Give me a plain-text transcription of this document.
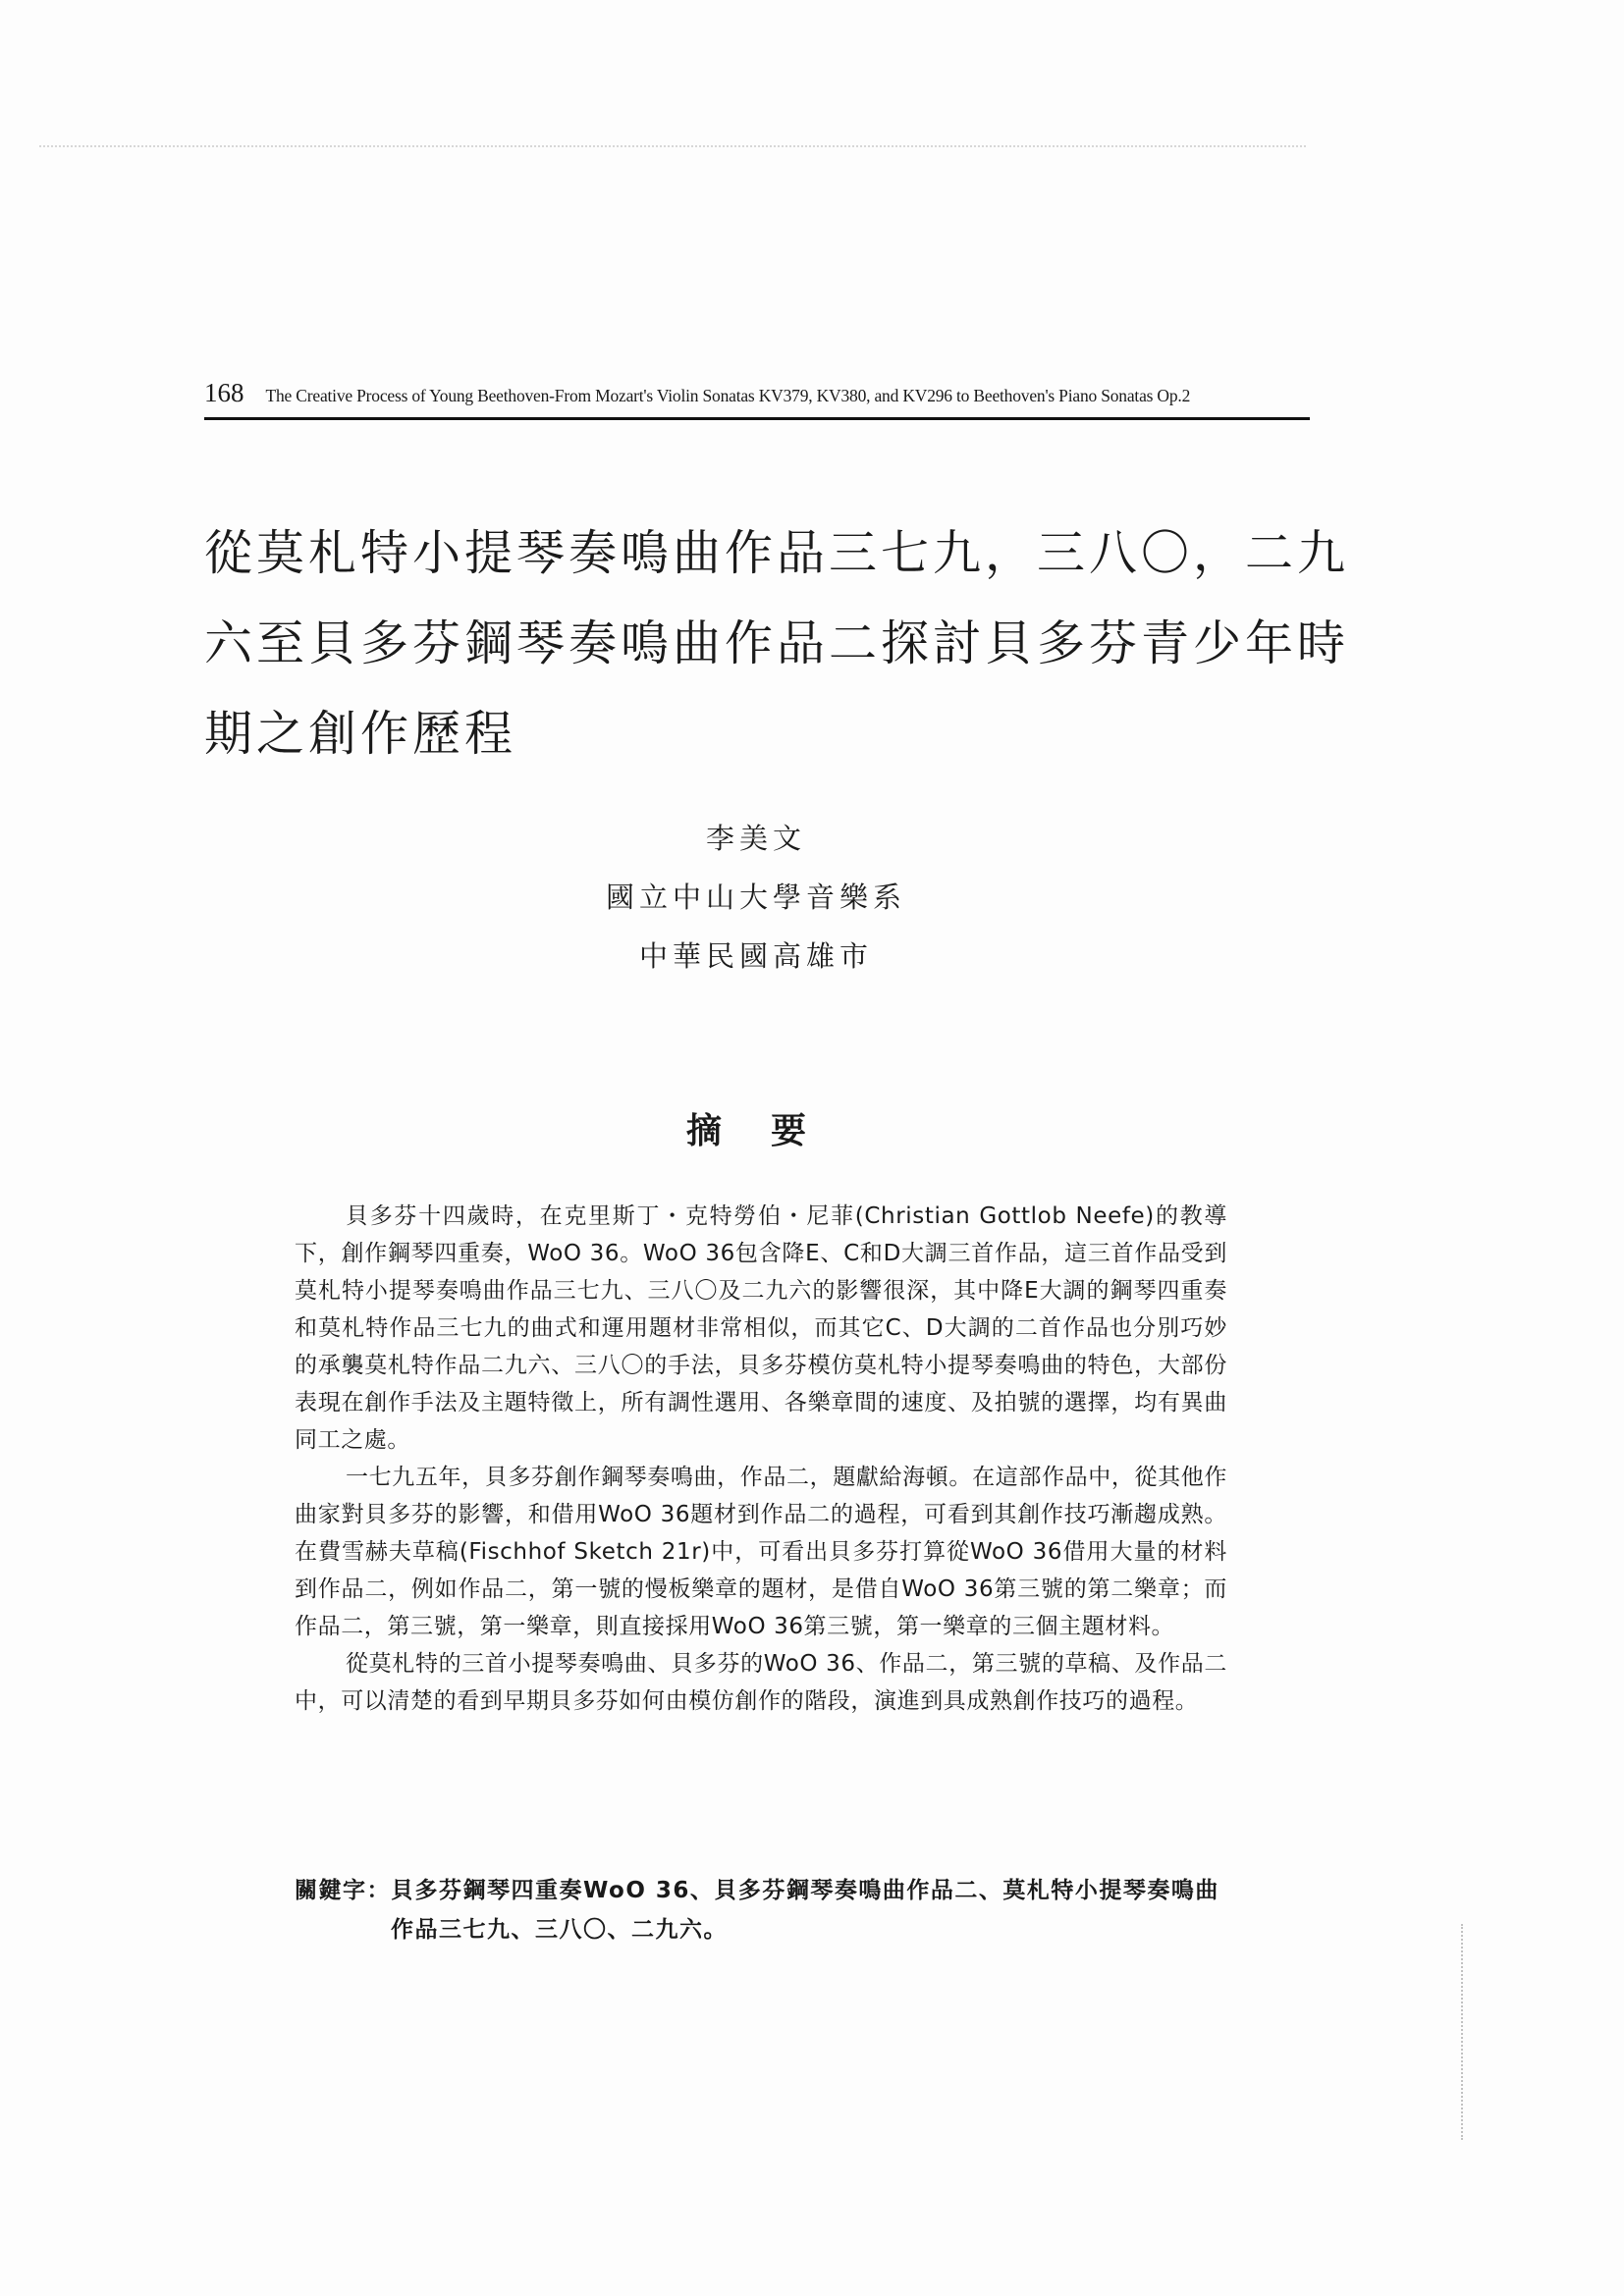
168 The Creative Process of Young Beethoven-From Mozart's Violin Sonatas KV379, KV380, and KV296 to Beethoven's Piano Sonatas Op.2
從莫札特小提琴奏鳴曲作品三七九，三八〇，二九
六至貝多芬鋼琴奏鳴曲作品二探討貝多芬青少年時
期之創作歷程
李美文
國立中山大學音樂系
中華民國高雄市
摘要

貝多芬十四歲時，在克里斯丁・克特勞伯・尼菲(Christian Gottlob Neefe)的教導下，創作鋼琴四重奏，WoO 36。WoO 36包含降E、C和D大調三首作品，這三首作品受到莫札特小提琴奏鳴曲作品三七九、三八〇及二九六的影響很深，其中降E大調的鋼琴四重奏和莫札特作品三七九的曲式和運用題材非常相似，而其它C、D大調的二首作品也分別巧妙的承襲莫札特作品二九六、三八〇的手法，貝多芬模仿莫札特小提琴奏鳴曲的特色，大部份表現在創作手法及主題特徵上，所有調性選用、各樂章間的速度、及拍號的選擇，均有異曲同工之處。

一七九五年，貝多芬創作鋼琴奏鳴曲，作品二，題獻給海頓。在這部作品中，從其他作曲家對貝多芬的影響，和借用WoO 36題材到作品二的過程，可看到其創作技巧漸趨成熟。在費雪赫夫草稿(Fischhof Sketch 21r)中，可看出貝多芬打算從WoO 36借用大量的材料到作品二，例如作品二，第一號的慢板樂章的題材，是借自WoO 36第三號的第二樂章；而作品二，第三號，第一樂章，則直接採用WoO 36第三號，第一樂章的三個主題材料。

從莫札特的三首小提琴奏鳴曲、貝多芬的WoO 36、作品二，第三號的草稿、及作品二中，可以清楚的看到早期貝多芬如何由模仿創作的階段，演進到具成熟創作技巧的過程。

關鍵字： 貝多芬鋼琴四重奏WoO 36、貝多芬鋼琴奏鳴曲作品二、莫札特小提琴奏鳴曲作品三七九、三八〇、二九六。
